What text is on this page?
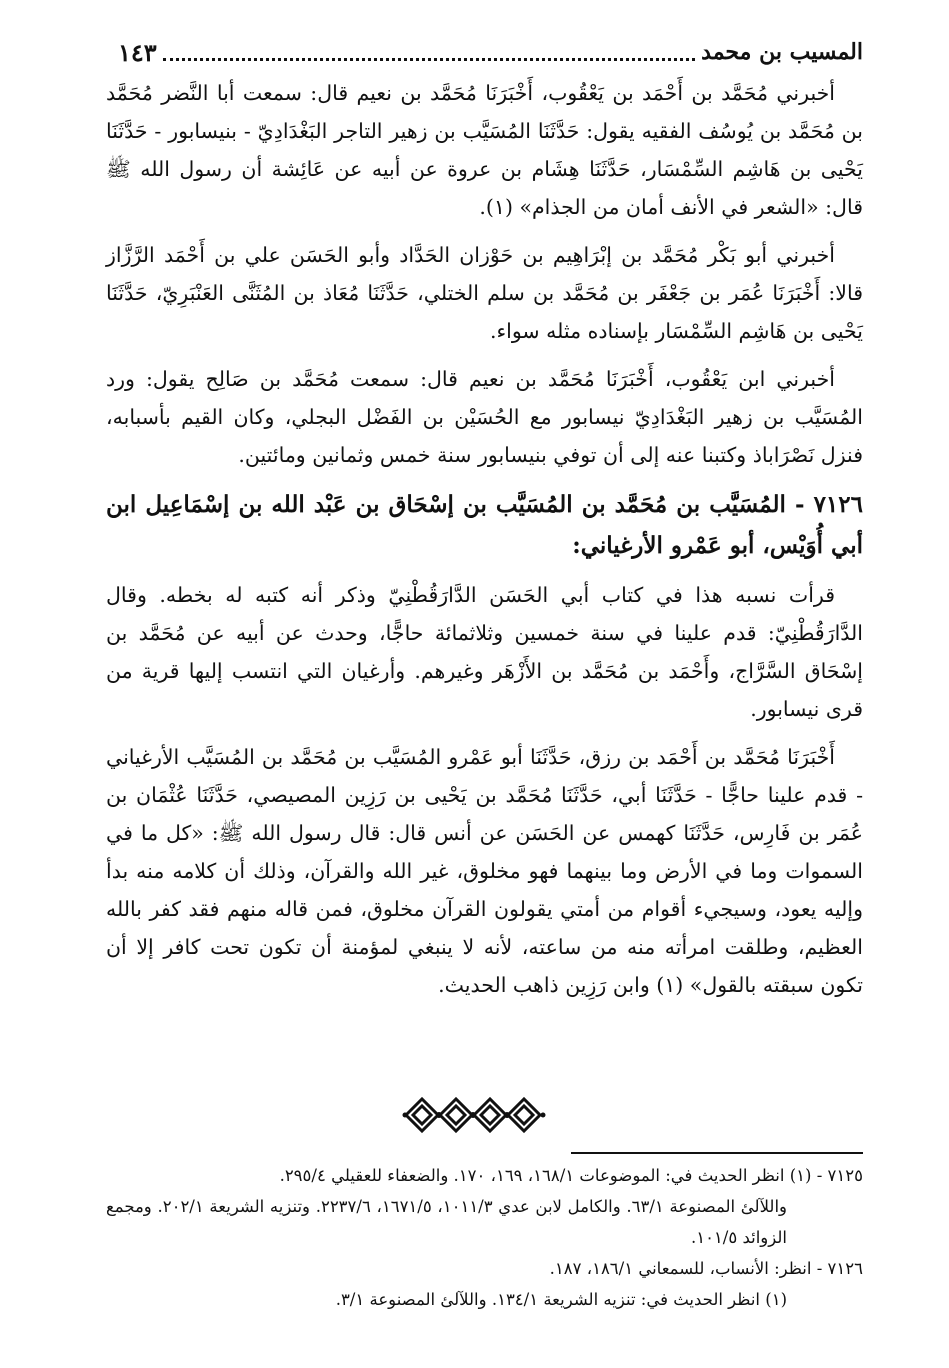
المسيب بن محمد
١٤٣

أخبرني مُحَمَّد بن أَحْمَد بن يَعْقُوب، أَخْبَرَنَا مُحَمَّد بن نعيم قال: سمعت أبا النَّضر مُحَمَّد بن مُحَمَّد بن يُوسُف الفقيه يقول: حَدَّثَنَا المُسَيَّب بن زهير التاجر البَغْدَادِيّ - بنيسابور - حَدَّثَنَا يَحْيى بن هَاشِم السِّمْسَار، حَدَّثَنَا هِشَام بن عروة عن أبيه عن عَائِشة أن رسول الله ﷺ قال: «الشعر في الأنف أمان من الجذام» (١).

أخبرني أبو بَكْر مُحَمَّد بن إبْرَاهِيم بن حَوْزان الحَدَّاد وأبو الحَسَن علي بن أَحْمَد الرَّزَّاز قالا: أَخْبَرَنَا عُمَر بن جَعْفَر بن مُحَمَّد بن سلم الختلي، حَدَّثَنَا مُعَاذ بن المُثَنَّى العَنْبَرِيّ، حَدَّثَنَا يَحْيى بن هَاشِم السِّمْسَار بإسناده مثله سواء.

أخبرني ابن يَعْقُوب، أَخْبَرَنَا مُحَمَّد بن نعيم قال: سمعت مُحَمَّد بن صَالِح يقول: ورد المُسَيَّب بن زهير البَغْدَادِيّ نيسابور مع الحُسَيْن بن الفَضْل البجلي، وكان القيم بأسبابه، فنزل نَصْرَاباذ وكتبنا عنه إلى أن توفي بنيسابور سنة خمس وثمانين ومائتين.

٧١٢٦ - المُسَيَّب بن مُحَمَّد بن المُسَيَّب بن إسْحَاق بن عَبْد الله بن إسْمَاعِيل ابن أبي أُوَيْس، أبو عَمْرو الأرغياني:

قرأت نسبه هذا في كتاب أبي الحَسَن الدَّارَقُطْنِيّ وذكر أنه كتبه له بخطه. وقال الدَّارَقُطْنِيّ: قدم علينا في سنة خمسين وثلاثمائة حاجًّا، وحدث عن أبيه عن مُحَمَّد بن إسْحَاق السَّرَّاج، وأَحْمَد بن مُحَمَّد بن الأَزْهَر وغيرهم. وأرغيان التي انتسب إليها قرية من قرى نيسابور.

أَخْبَرَنَا مُحَمَّد بن أَحْمَد بن رزق، حَدَّثَنَا أبو عَمْرو المُسَيَّب بن مُحَمَّد بن المُسَيَّب الأرغياني - قدم علينا حاجًّا - حَدَّثَنَا أبي، حَدَّثَنَا مُحَمَّد بن يَحْيى بن رَزِين المصيصي، حَدَّثَنَا عُثْمَان بن عُمَر بن فَارِس، حَدَّثَنَا كهمس عن الحَسَن عن أنس قال: قال رسول الله ﷺ: «كل ما في السموات وما في الأرض وما بينهما فهو مخلوق، غير الله والقرآن، وذلك أن كلامه منه بدأ وإليه يعود، وسيجيء أقوام من أمتي يقولون القرآن مخلوق، فمن قاله منهم فقد كفر بالله العظيم، وطلقت امرأته منه من ساعته، لأنه لا ينبغي لمؤمنة أن تكون تحت كافر إلا أن تكون سبقته بالقول» (١) وابن رَزِين ذاهب الحديث.

٧١٢٥ - (١) انظر الحديث في: الموضوعات ١٦٨/١، ١٦٩، ١٧٠. والضعفاء للعقيلي ٢٩٥/٤.

واللآلئ المصنوعة ٦٣/١. والكامل لابن عدي ١٠١١/٣، ١٦٧١/٥، ٢٢٣٧/٦. وتنزيه الشريعة ٢٠٢/١. ومجمع الزوائد ١٠١/٥.

٧١٢٦ - انظر: الأنساب، للسمعاني ١٨٦/١، ١٨٧.

(١) انظر الحديث في: تنزيه الشريعة ١٣٤/١. واللآلئ المصنوعة ٣/١.
